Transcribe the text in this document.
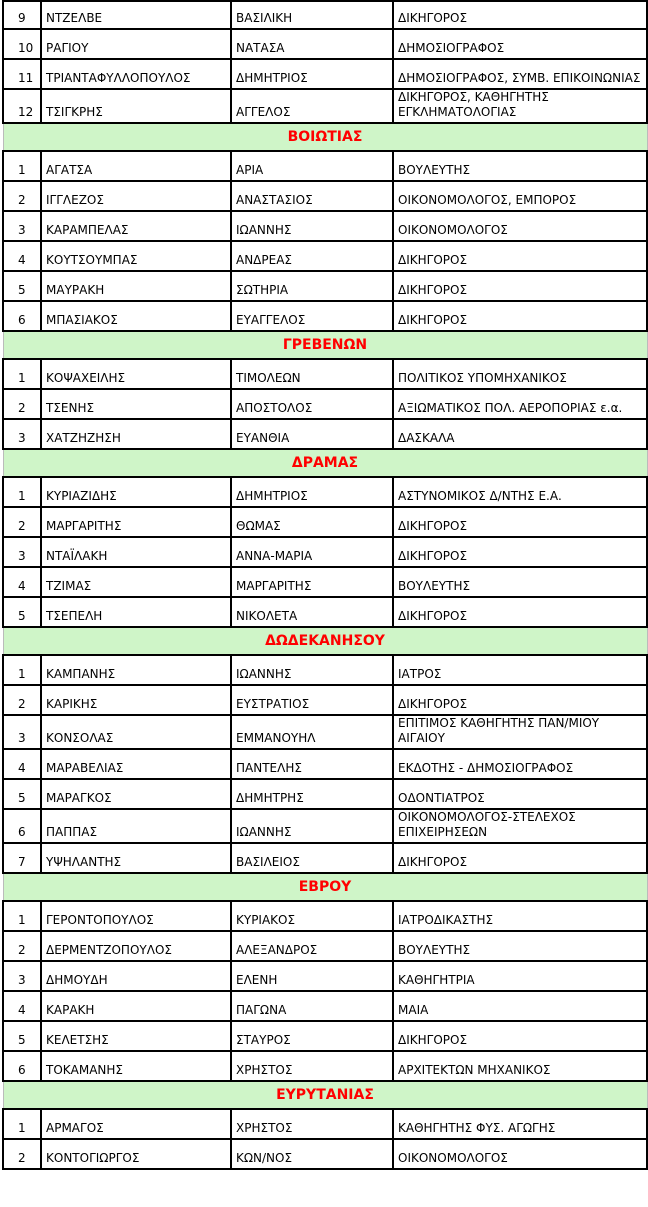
9	ΝΤΖΕΛΒΕ	ΒΑΣΙΛΙΚΗ	ΔΙΚΗΓΟΡΟΣ
10	ΡΑΓΙΟΥ	ΝΑΤΑΣΑ	ΔΗΜΟΣΙΟΓΡΑΦΟΣ
11	ΤΡΙΑΝΤΑΦΥΛΛΟΠΟΥΛΟΣ	ΔΗΜΗΤΡΙΟΣ	ΔΗΜΟΣΙΟΓΡΑΦΟΣ, ΣΥΜΒ. ΕΠΙΚΟΙΝΩΝΙΑΣ
12	ΤΣΙΓΚΡΗΣ	ΑΓΓΕΛΟΣ	ΔΙΚΗΓΟΡΟΣ, ΚΑΘΗΓΗΤΗΣ ΕΓΚΛΗΜΑΤΟΛΟΓΙΑΣ
ΒΟΙΩΤΙΑΣ			
1	ΑΓΑΤΣΑ	ΑΡΙΑ	ΒΟΥΛΕΥΤΗΣ
2	ΙΓΓΛΕΖΟΣ	ΑΝΑΣΤΑΣΙΟΣ	ΟΙΚΟΝΟΜΟΛΟΓΟΣ, ΕΜΠΟΡΟΣ
3	ΚΑΡΑΜΠΕΛΑΣ	ΙΩΑΝΝΗΣ	ΟΙΚΟΝΟΜΟΛΟΓΟΣ
4	ΚΟΥΤΣΟΥΜΠΑΣ	ΑΝΔΡΕΑΣ	ΔΙΚΗΓΟΡΟΣ
5	ΜΑΥΡΑΚΗ	ΣΩΤΗΡΙΑ	ΔΙΚΗΓΟΡΟΣ
6	ΜΠΑΣΙΑΚΟΣ	ΕΥΑΓΓΕΛΟΣ	ΔΙΚΗΓΟΡΟΣ
ΓΡΕΒΕΝΩΝ			
1	ΚΟΨΑΧΕΙΛΗΣ	ΤΙΜΟΛΕΩΝ	ΠΟΛΙΤΙΚΟΣ ΥΠΟΜΗΧΑΝΙΚΟΣ
2	ΤΣΕΝΗΣ	ΑΠΟΣΤΟΛΟΣ	ΑΞΙΩΜΑΤΙΚΟΣ ΠΟΛ. ΑΕΡΟΠΟΡΙΑΣ ε.α.
3	ΧΑΤΖΗΖΗΣΗ	ΕΥΑΝΘΙΑ	ΔΑΣΚΑΛΑ
ΔΡΑΜΑΣ			
1	ΚΥΡΙΑΖΙΔΗΣ	ΔΗΜΗΤΡΙΟΣ	ΑΣΤΥΝΟΜΙΚΟΣ Δ/ΝΤΗΣ Ε.Α.
2	ΜΑΡΓΑΡΙΤΗΣ	ΘΩΜΑΣ	ΔΙΚΗΓΟΡΟΣ
3	ΝΤΑΪΛΑΚΗ	ΑΝΝΑ-ΜΑΡΙΑ	ΔΙΚΗΓΟΡΟΣ
4	ΤΖΙΜΑΣ	ΜΑΡΓΑΡΙΤΗΣ	ΒΟΥΛΕΥΤΗΣ
5	ΤΣΕΠΕΛΗ	ΝΙΚΟΛΕΤΑ	ΔΙΚΗΓΟΡΟΣ
ΔΩΔΕΚΑΝΗΣΟΥ			
1	ΚΑΜΠΑΝΗΣ	ΙΩΑΝΝΗΣ	ΙΑΤΡΟΣ
2	ΚΑΡΙΚΗΣ	ΕΥΣΤΡΑΤΙΟΣ	ΔΙΚΗΓΟΡΟΣ
3	ΚΟΝΣΟΛΑΣ	ΕΜΜΑΝΟΥΗΛ	ΕΠΙΤΙΜΟΣ ΚΑΘΗΓΗΤΗΣ ΠΑΝ/ΜΙΟΥ ΑΙΓΑΙΟΥ
4	ΜΑΡΑΒΕΛΙΑΣ	ΠΑΝΤΕΛΗΣ	ΕΚΔΟΤΗΣ - ΔΗΜΟΣΙΟΓΡΑΦΟΣ
5	ΜΑΡΑΓΚΟΣ	ΔΗΜΗΤΡΗΣ	ΟΔΟΝΤΙΑΤΡΟΣ
6	ΠΑΠΠΑΣ	ΙΩΑΝΝΗΣ	ΟΙΚΟΝΟΜΟΛΟΓΟΣ-ΣΤΕΛΕΧΟΣ ΕΠΙΧΕΙΡΗΣΕΩΝ
7	ΥΨΗΛΑΝΤΗΣ	ΒΑΣΙΛΕΙΟΣ	ΔΙΚΗΓΟΡΟΣ
ΕΒΡΟΥ			
1	ΓΕΡΟΝΤΟΠΟΥΛΟΣ	ΚΥΡΙΑΚΟΣ	ΙΑΤΡΟΔΙΚΑΣΤΗΣ
2	ΔΕΡΜΕΝΤΖΟΠΟΥΛΟΣ	ΑΛΕΞΑΝΔΡΟΣ	ΒΟΥΛΕΥΤΗΣ
3	ΔΗΜΟΥΔΗ	ΕΛΕΝΗ	ΚΑΘΗΓΗΤΡΙΑ
4	ΚΑΡΑΚΗ	ΠΑΓΩΝΑ	ΜΑΙΑ
5	ΚΕΛΕΤΣΗΣ	ΣΤΑΥΡΟΣ	ΔΙΚΗΓΟΡΟΣ
6	ΤΟΚΑΜΑΝΗΣ	ΧΡΗΣΤΟΣ	ΑΡΧΙΤΕΚΤΩΝ ΜΗΧΑΝΙΚΟΣ
ΕΥΡΥΤΑΝΙΑΣ			
1	ΑΡΜΑΓΟΣ	ΧΡΗΣΤΟΣ	ΚΑΘΗΓΗΤΗΣ ΦΥΣ. ΑΓΩΓΗΣ
2	ΚΟΝΤΟΓΙΩΡΓΟΣ	ΚΩΝ/ΝΟΣ	ΟΙΚΟΝΟΜΟΛΟΓΟΣ
